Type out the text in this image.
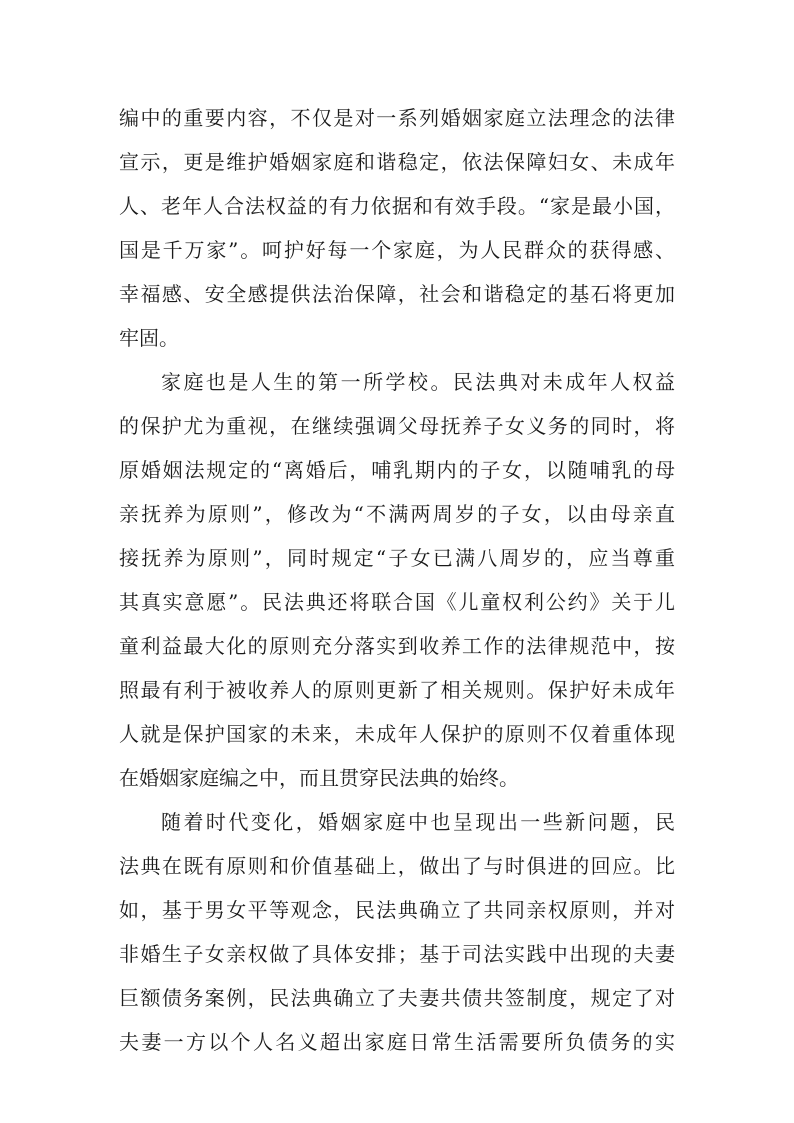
编中的重要内容，不仅是对一系列婚姻家庭立法理念的法律
宣示，更是维护婚姻家庭和谐稳定，依法保障妇女、未成年
人、老年人合法权益的有力依据和有效手段。“家是最小国，
国是千万家”。呵护好每一个家庭，为人民群众的获得感、
幸福感、安全感提供法治保障，社会和谐稳定的基石将更加
牢固。
家庭也是人生的第一所学校。民法典对未成年人权益
的保护尤为重视，在继续强调父母抚养子女义务的同时，将
原婚姻法规定的“离婚后，哺乳期内的子女，以随哺乳的母
亲抚养为原则”，修改为“不满两周岁的子女，以由母亲直
接抚养为原则”，同时规定“子女已满八周岁的，应当尊重
其真实意愿”。民法典还将联合国《儿童权利公约》关于儿
童利益最大化的原则充分落实到收养工作的法律规范中，按
照最有利于被收养人的原则更新了相关规则。保护好未成年
人就是保护国家的未来，未成年人保护的原则不仅着重体现
在婚姻家庭编之中，而且贯穿民法典的始终。
随着时代变化，婚姻家庭中也呈现出一些新问题，民
法典在既有原则和价值基础上，做出了与时俱进的回应。比
如，基于男女平等观念，民法典确立了共同亲权原则，并对
非婚生子女亲权做了具体安排；基于司法实践中出现的夫妻
巨额债务案例，民法典确立了夫妻共债共签制度，规定了对
夫妻一方以个人名义超出家庭日常生活需要所负债务的实
